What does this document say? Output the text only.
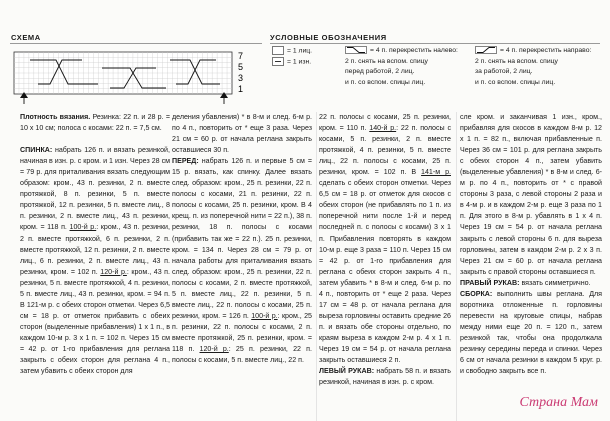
СХЕМА	УСЛОВНЫЕ ОБОЗНАЧЕНИЯ
7
5
3
1
= 1 лиц.
= 1 изн.
= 4 п. перекрестить налево:
2 п. снять на вспом. спицу
перед работой, 2 лиц.
и п. со вспом. спицы лиц.
= 4 п. перекрестить направо:
2 п. снять на вспом. спицу
за работой, 2 лиц.
и п. со вспом. спицы лиц.

Плотность вязания. Резинка: 22 п. и 28 р. = 10 х 10 см; полоса с косами: 22 п. = 7,5 см.

СПИНКА: набрать 126 п. и вязать резинкой, начиная в изн. р. с кром. и 1 изн. Через 28 см = 79 р. для приталивания вязать следующим образом: кром., 43 п. резинки, 2 п. вместе протяжкой, 8 п. резинки, 5 п. вместе протяжкой, 12 п. резинки, 5 п. вместе лиц., 8 п. резинки, 2 п. вместе лиц., 43 п. резинки, кром. = 118 п. 100-й р.: кром., 43 п. резинки, 2 п. вместе протяжкой, 6 п. резинки, 2 п. вместе протяжкой, 12 п. резинки, 2 п. вместе лиц., 6 п. резинки, 2 п. вместе лиц., 43 п. резинки, кром. = 102 п. 120-й р.: кром., 43 п. резинки, 5 п. вместе протяжкой, 4 п. резинки, 5 п. вместе лиц., 43 п. резинки, кром. = 94 п. В 121-м р. с обеих сторон отметки. Через 6,5 см = 18 р. от отметок прибавить с обеих сторон (выделенные прибавления) 1 х 1 п., в каждом 10-м р. 3 х 1 п. = 102 п. Через 15 см = 42 р. от 1-го прибавления для реглана закрыть с обеих сторон для реглана 4 п., затем убавить с обеих сторон для

деления убавления) * в 8-м и след. 6-м р. по 4 п., повторить от * еще 3 раза. Через 21 см = 60 р. от начала реглана закрыть оставшиеся 30 п.

ПЕРЕД: набрать 126 п. и первые 5 см = 15 р. вязать, как спинку. Далее вязать след. образом: кром., 25 п. резинки, 22 п. полосы с косами, 21 п. резинки, 22 п. полосы с косами, 25 п. резинки, кром. В 4 крещ. п. из поперечной нити = 22 п.), 38 п. резинки, 18 п. полосы с косами (прибавить так же = 22 п.). 25 п. резинки, кром. = 134 п. Через 28 см = 79 р. от начала работы для приталивания вязать след. образом: кром., 25 п. резинки, 22 п. полосы с косами, 2 п. вместе протяжкой, 5 п. вместе лиц., 22 п. резинки, 5 п. вместе лиц., 22 п. полосы с косами, 25 п. резинки, кром. = 126 п. 100-й р.: кром., 25 п. резинки, 22 п. полосы с косами, 2 п. вместе протяжкой, 25 п. резинки, кром. = 118 п. 120-й р.: 25 п. резинки, 22 п. полосы с косами, 5 п. вместе лиц., 22 п.

22 п. полосы с косами, 25 п. резинки, кром. = 110 п. 140-й р.: 22 п. полосы с косами, 5 п. резинки, 2 п. вместе протяжкой, 4 п. резинки, 5 п. вместе лиц., 22 п. полосы с косами, 25 п. резинки, кром. = 102 п. В 141-м р. сделать с обеих сторон отметки. Через 6,5 см = 18 р. от отметок для скосов с обеих сторон (не прибавлять по 1 п. из поперечной нити после 1-й и перед последней п. с полосы с косами) 3 х 1 п. Прибавления повторять в каждом 10-м р. еще 3 раза = 110 п. Через 15 см = 42 р. от 1-го прибавления для реглана с обеих сторон закрыть 4 п., затем убавить * в 8-м и след. 6-м р. по 4 п., повторить от * еще 2 раза. Через 17 см = 48 р. от начала реглана для выреза горловины оставить средние 26 п. и вязать обе стороны отдельно, по краям выреза в каждом 2-м р. 4 х 1 п. Через 19 см = 54 р. от начала реглана закрыть оставшиеся 2 п.

ЛЕВЫЙ РУКАВ: набрать 58 п. и вязать резинкой, начиная в изн. р. с кром.

сле кром. и заканчивая 1 изн., кром., прибавляя для скосов в каждом 8-м р. 12 х 1 п. = 82 п., включая прибавленные п. Через 36 см = 101 р. для реглана закрыть с обеих сторон 4 п., затем убавить (выделенные убавления) * в 8-м и след. 6-м р. по 4 п., повторить от * с правой стороны 3 раза, с левой стороны 2 раза и в 4-м р. и в каждом 2-м р. еще 3 раза по 1 п. Для этого в 8-м р. убавлять в 1 х 4 п. Через 19 см = 54 р. от начала реглана закрыть с левой стороны 6 п. для выреза горловины, затем в каждом 2-м р. 2 х 3 п. Через 21 см = 60 р. от начала реглана закрыть с правой стороны оставшиеся п.

ПРАВЫЙ РУКАВ: вязать симметрично.

СБОРКА: выполнить швы реглана. Для воротника отложенные п. горловины перевести на круговые спицы, набрав между ними еще 20 п. = 120 п., затем резинкой так, чтобы она продолжала резинку середины переда и спинки. Через 6 см от начала резинки в каждом 5 круг. р. и свободно закрыть все п.

Страна Мам
